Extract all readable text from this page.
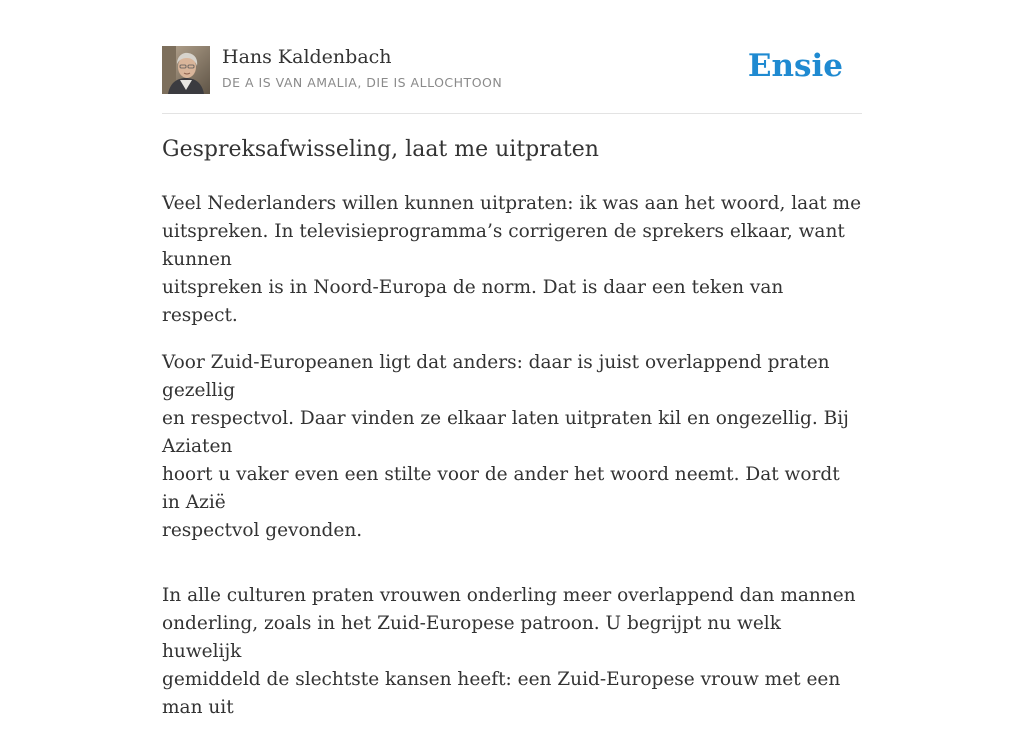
Hans Kaldenbach
DE A IS VAN AMALIA, DIE IS ALLOCHTOON	Ensie
Gespreksafwisseling, laat me uitpraten

Veel Nederlanders willen kunnen uitpraten: ik was aan het woord, laat me
uitspreken. In televisieprogramma’s corrigeren de sprekers elkaar, want kunnen
uitspreken is in Noord-Europa de norm. Dat is daar een teken van respect.

Voor Zuid-Europeanen ligt dat anders: daar is juist overlappend praten gezellig
en respectvol. Daar vinden ze elkaar laten uitpraten kil en ongezellig. Bij Aziaten
hoort u vaker even een stilte voor de ander het woord neemt. Dat wordt in Azië
respectvol gevonden.

In alle culturen praten vrouwen onderling meer overlappend dan mannen
onderling, zoals in het Zuid-Europese patroon. U begrijpt nu welk huwelijk
gemiddeld de slechtste kansen heeft: een Zuid-Europese vrouw met een man uit
